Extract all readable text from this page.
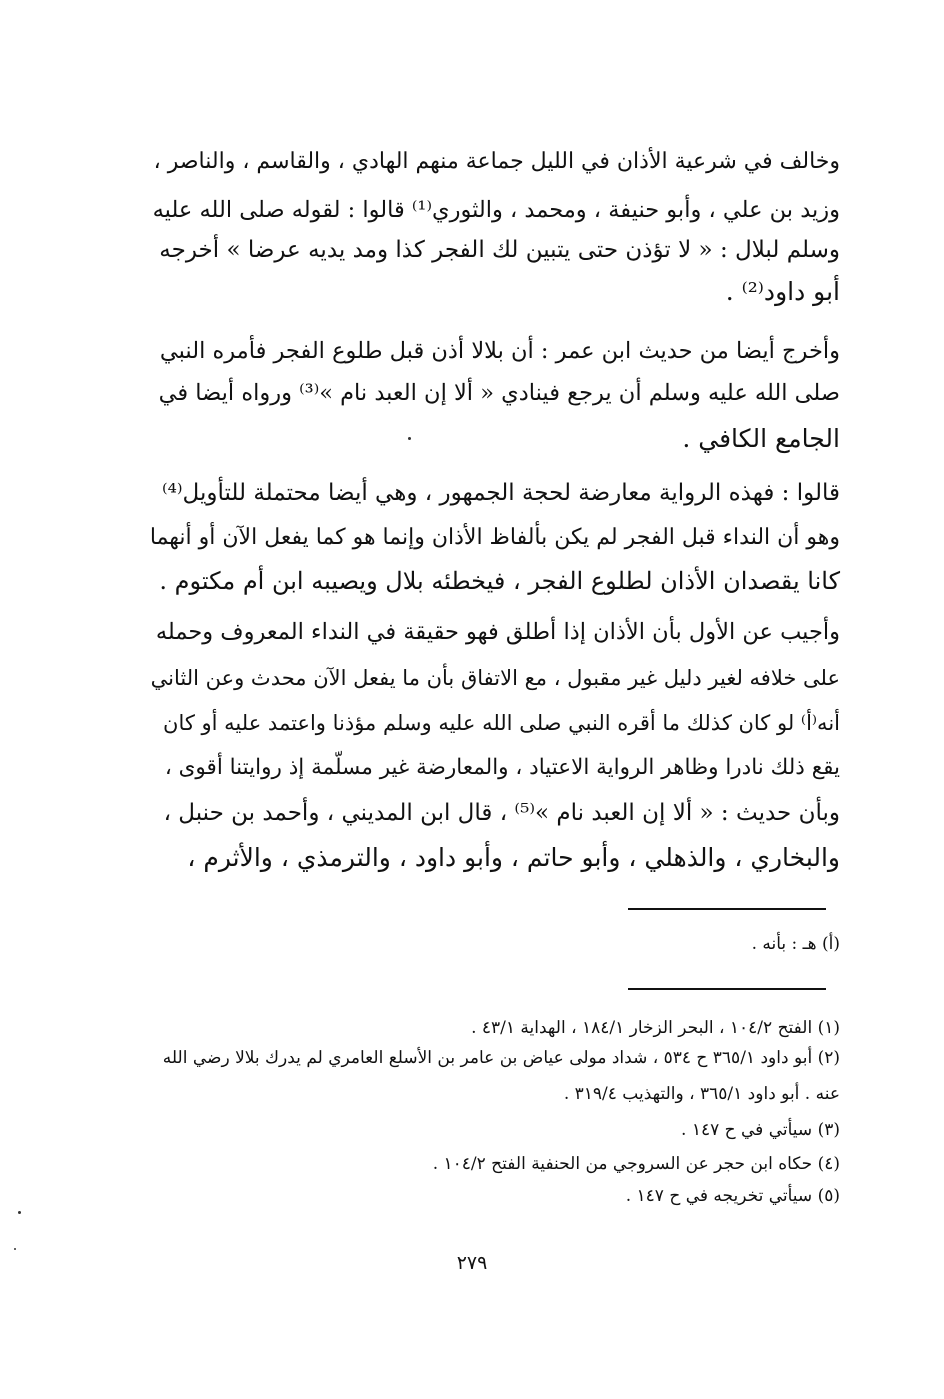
وخالف في شرعية الأذان في الليل جماعة منهم الهادي ، والقاسم ، والناصر ،
وزيد بن علي ، وأبو حنيفة ، ومحمد ، والثوري⁽¹⁾ قالوا : لقوله صلى الله عليه
وسلم لبلال : « لا تؤذن حتى يتبين لك الفجر كذا ومد يديه عرضا » أخرجه
أبو داود⁽²⁾ .
وأخرج أيضا من حديث ابن عمر : أن بلالا أذن قبل طلوع الفجر فأمره النبي
صلى الله عليه وسلم أن يرجع فينادي « ألا إن العبد نام »⁽³⁾ ورواه أيضا في
الجامع الكافي .
قالوا : فهذه الرواية معارضة لحجة الجمهور ، وهي أيضا محتملة للتأويل⁽⁴⁾
وهو أن النداء قبل الفجر لم يكن بألفاظ الأذان وإنما هو كما يفعل الآن أو أنهما
كانا يقصدان الأذان لطلوع الفجر ، فيخطئه بلال ويصيبه ابن أم مكتوم .
وأجيب عن الأول بأن الأذان إذا أطلق فهو حقيقة في النداء المعروف وحمله
على خلافه لغير دليل غير مقبول ، مع الاتفاق بأن ما يفعل الآن محدث وعن الثاني
أنه⁽أ⁾ لو كان كذلك ما أقره النبي صلى الله عليه وسلم مؤذنا واعتمد عليه أو كان
يقع ذلك نادرا وظاهر الرواية الاعتياد ، والمعارضة غير مسلّمة إذ روايتنا أقوى ،
وبأن حديث : « ألا إن العبد نام »⁽⁵⁾ ، قال ابن المديني ، وأحمد بن حنبل ،
والبخاري ، والذهلي ، وأبو حاتم ، وأبو داود ، والترمذي ، والأثرم ،
(أ) هـ : بأنه .
(١) الفتح ١٠٤/٢ ، البحر الزخار ١٨٤/١ ، الهداية ٤٣/١ .
(٢) أبو داود ٣٦٥/١ ح ٥٣٤ ، شداد مولى عياض بن عامر بن الأسلع العامري لم يدرك بلالا رضي الله
عنه . أبو داود ٣٦٥/١ ، والتهذيب ٣١٩/٤ .
(٣) سيأتي في ح ١٤٧ .
(٤) حكاه ابن حجر عن السروجي من الحنفية الفتح ١٠٤/٢ .
(٥) سيأتي تخريجه في ح ١٤٧ .
٢٧٩
